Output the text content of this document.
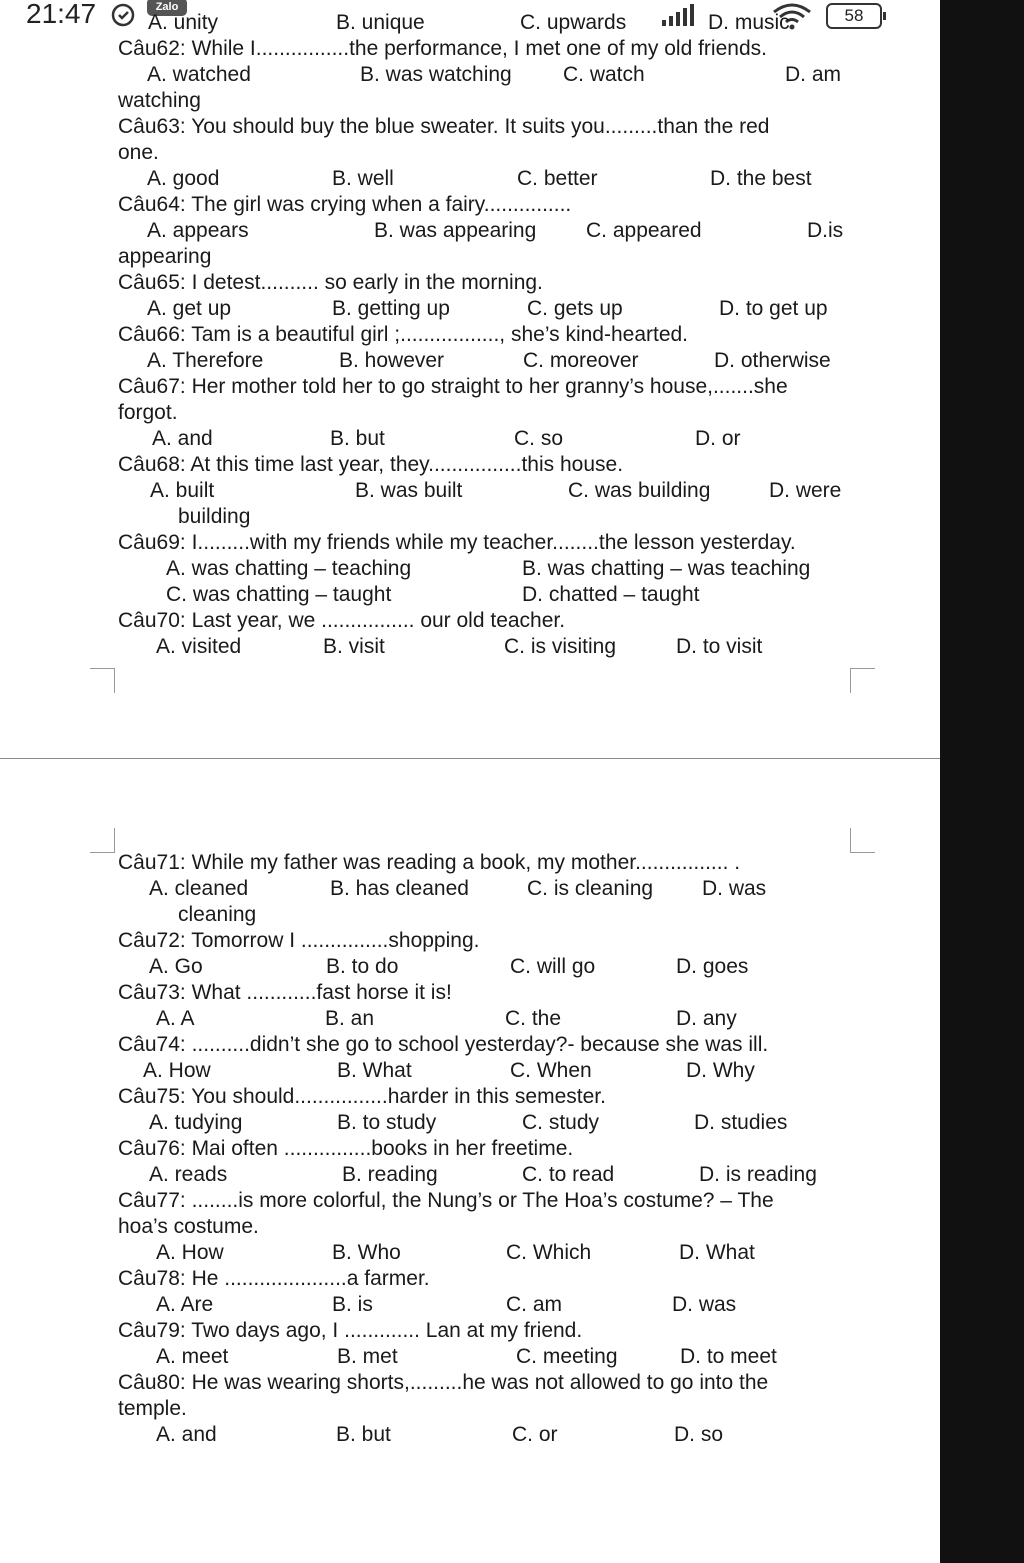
21:47	Zalo	58
A. unity	B. unique	C. upwards	D. music
Câu62: While I................the performance, I met one of my old friends.
A. watched	B. was watching C. watch	D. am
watching
Câu63: You should buy the blue sweater. It suits you.........than the red
one.
A. good	B. well	C. better	D. the best
Câu64: The girl was crying when a fairy...............
A. appears	B. was appearing C. appeared	D.is
appearing
Câu65: I detest.......... so early in the morning.
A. get up	B. getting up	C. gets up	D. to get up
Câu66: Tam is a beautiful girl ;................., she’s kind-hearted.
A. Therefore	B. however	C. moreover	D. otherwise
Câu67: Her mother told her to go straight to her granny’s house,.......she
forgot.
A. and	B. but	C. so	D. or
Câu68: At this time last year, they................this house.
A. built	B. was built	C. was building	D. were
building
Câu69: I.........with my friends while my teacher........the lesson yesterday.
A. was chatting – teaching	B. was chatting – was teaching
C. was chatting – taught	D. chatted – taught
Câu70: Last year, we ................ our old teacher.
A. visited	B. visit	C. is visiting	D. to visit
Câu71: While my father was reading a book, my mother................ .
A. cleaned	B. has cleaned	C. is cleaning D. was
cleaning
Câu72: Tomorrow I ...............shopping.
A. Go	B. to do	C. will go	D. goes
Câu73: What ............fast horse it is!
A. A	B. an	C. the	D. any
Câu74: ..........didn’t she go to school yesterday?- because she was ill.
A. How	B. What	C. When	D. Why
Câu75: You should................harder in this semester.
A. tudying	B. to study	C. study	D. studies
Câu76: Mai often ...............books in her freetime.
A. reads	B. reading	C. to read	D. is reading
Câu77: ........is more colorful, the Nung’s or The Hoa’s costume? – The
hoa’s costume.
A. How	B. Who	C. Which	D. What
Câu78: He .....................a farmer.
A. Are	B. is	C. am	D. was
Câu79: Two days ago, I ............. Lan at my friend.
A. meet	B. met	C. meeting	D. to meet
Câu80: He was wearing shorts,.........he was not allowed to go into the
temple.
A. and	B. but	C. or	D. so
